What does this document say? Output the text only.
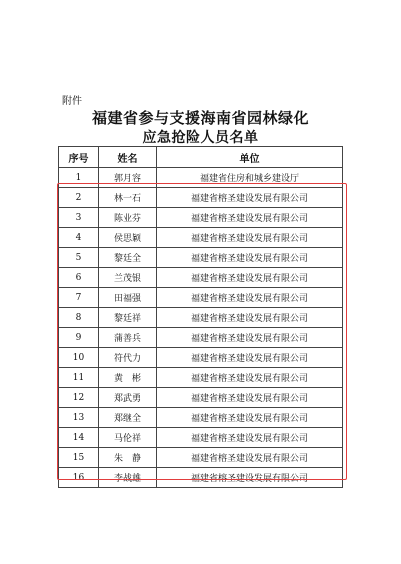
附件
福建省参与支援海南省园林绿化
应急抢险人员名单
序号	姓名	单位
1	郭月容	福建省住房和城乡建设厅
2	林一石	福建省榕圣建设发展有限公司
3	陈业芬	福建省榕圣建设发展有限公司
4	侯思颖	福建省榕圣建设发展有限公司
5	黎廷全	福建省榕圣建设发展有限公司
6	兰茂银	福建省榕圣建设发展有限公司
7	田福强	福建省榕圣建设发展有限公司
8	黎廷祥	福建省榕圣建设发展有限公司
9	蒲善兵	福建省榕圣建设发展有限公司
10	符代力	福建省榕圣建设发展有限公司
11	黄　彬	福建省榕圣建设发展有限公司
12	郑武勇	福建省榕圣建设发展有限公司
13	郑继全	福建省榕圣建设发展有限公司
14	马伦祥	福建省榕圣建设发展有限公司
15	朱　静	福建省榕圣建设发展有限公司
16	李战雄	福建省榕圣建设发展有限公司
